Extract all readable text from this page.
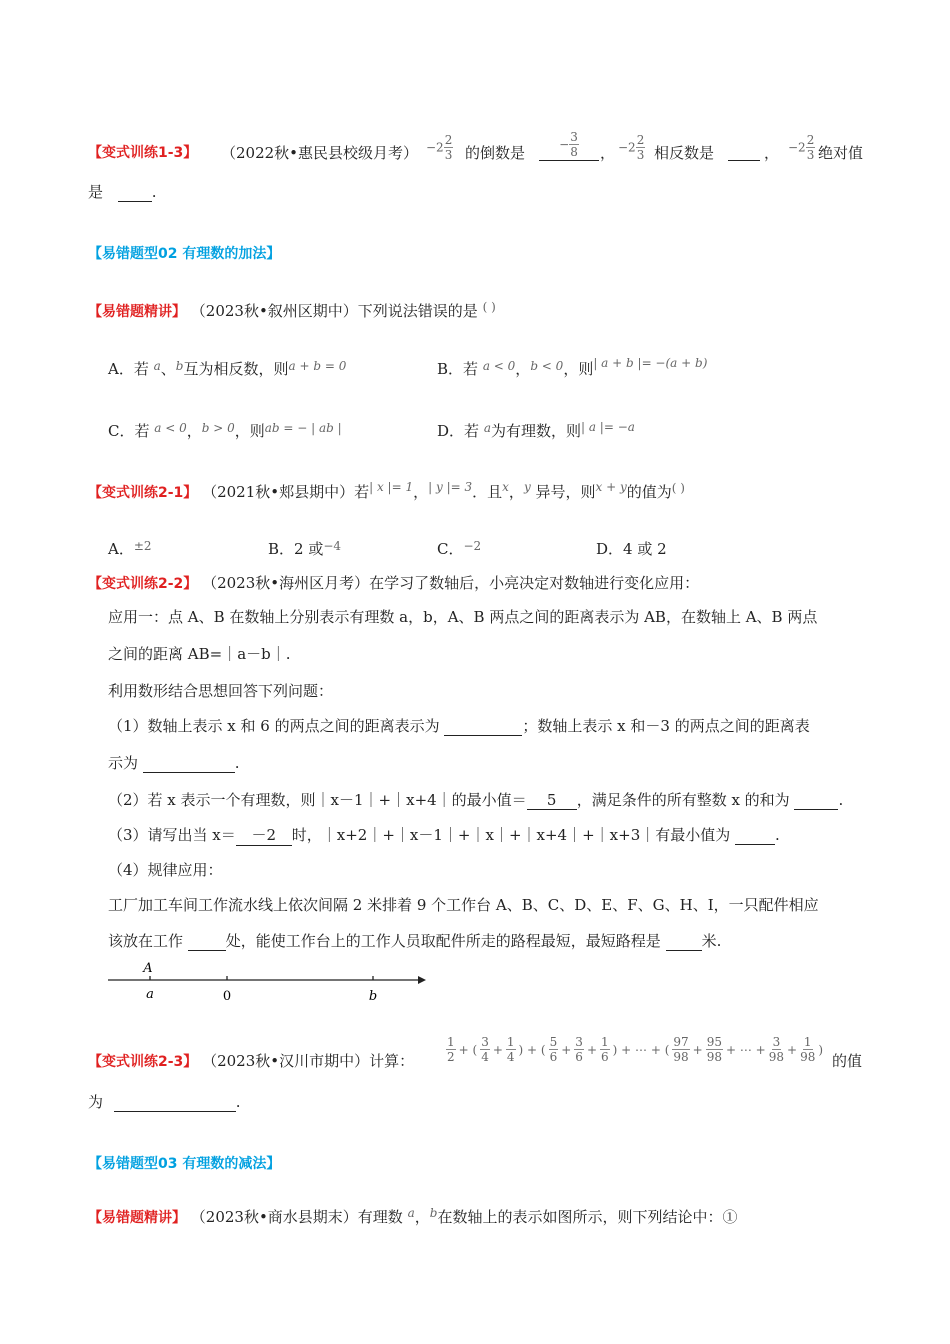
【变式训练1-3】 （2022秋•惠民县校级月考） $-2 \frac{2}{3}$ 的倒数是	− $\frac{3}{8}$ ， $-2 \frac{2}{3}$ 相反数是	， $-2 \frac{2}{3}$ 绝对值
是	.
【易错题型02 有理数的加法】
【易错题精讲】 （2023秋•叙州区期中）下列说法错误的是 ( )
A．若 $^a$、$^b$互为相反数，则$^{a + b = 0}$	B．若 $^{a < 0}$，$^{b < 0}$，则$^{| a + b |= -(a + b)}$
C．若 $^{a < 0}$，$^{b > 0}$，则$^{ab = - | ab |}$	D．若 $^a$为有理数，则$^{| a |= -a}$
【变式训练2-1】 （2021秋•郏县期中）若$^{| x |= 1}$，$^{| y |= 3}$．且$^x$，$^y$ 异号，则$^{x + y}$的值为( )
A．$^{\pm 2}$	B．2 或$^{-4}$	C．$^{-2}$	D．4 或 2
【变式训练2-2】 （2023秋•海州区月考）在学习了数轴后，小亮决定对数轴进行变化应用：
应用一：点 A、B 在数轴上分别表示有理数 a，b，A、B 两点之间的距离表示为 AB，在数轴上 A、B 两点
之间的距离 AB=｜a－b｜.
利用数形结合思想回答下列问题：
（1）数轴上表示 x 和 6 的两点之间的距离表示为	；数轴上表示 x 和－3 的两点之间的距离表
示为	.
（2）若 x 表示一个有理数，则｜x－1｜+｜x+4｜的最小值＝ 5 ，满足条件的所有整数 x 的和为	.
（3）请写出当 x＝ －2 时，｜x+2｜+｜x－1｜+｜x｜+｜x+4｜+｜x+3｜有最小值为	.
（4）规律应用：
工厂加工车间工作流水线上依次间隔 2 米排着 9 个工作台 A、B、C、D、E、F、G、H、I，一只配件相应
该放在工作	处，能使工作台上的工作人员取配件所走的路程最短，最短路程是	米.
A
a	0	b
【变式训练2-3】 （2023秋•汉川市期中）计算：	$\frac{1}{2}$ + ( $\frac{3}{4} + \frac{1}{4}$ ) + ( $\frac{5}{6} + \frac{3}{6} + \frac{1}{6}$ ) + ⋯ + ( $\frac{97}{98} + \frac{95}{98}$ + ⋯ + $\frac{3}{98} + \frac{1}{98}$ )
的值
为	.
【易错题型03 有理数的减法】
【易错题精讲】 （2023秋•商水县期末）有理数 $^a$，$^b$在数轴上的表示如图所示，则下列结论中：①
